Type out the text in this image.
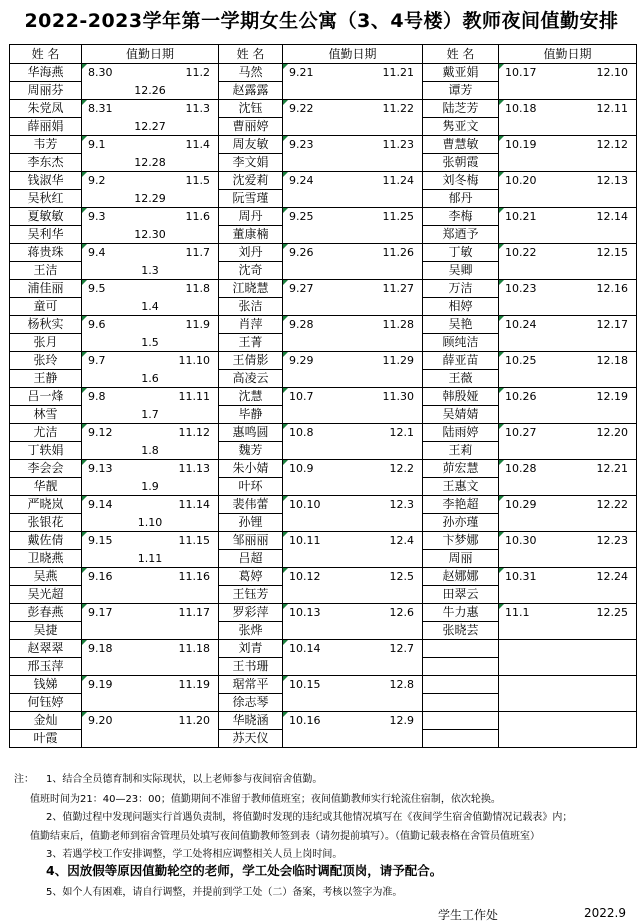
2022-2023学年第一学期女生公寓（3、4号楼）教师夜间值勤安排
姓 名	值勤日期	姓 名	值勤日期	姓 名	值勤日期
华海燕	8.30 11.2	马然	9.21 11.21	戴亚娟	10.17 12.10

周丽芬	12.26	赵露露		谭芳	
朱党凤	8.31 11.3	沈钰	9.22 11.22	陆芝芳	10.18 12.11

薛丽娟	12.27	曹丽婷		隽亚文	
韦芳	9.1 11.4	周友敏	9.23 11.23	曹慧敏	10.19 12.12

李东杰	12.28	李文娟		张朝霞	
钱淑华	9.2 11.5	沈爱莉	9.24 11.24	刘冬梅	10.20 12.13

吴秋红	12.29	阮雪瑾		郁丹	
夏敏敏	9.3 11.6	周丹	9.25 11.25	李梅	10.21 12.14

吴利华	12.30	董康楠		郑迺予	
蒋贵珠	9.4 11.7	刘丹	9.26 11.26	丁敏	10.22 12.15

王洁	1.3	沈奇		吴卿	
浦佳丽	9.5 11.8	江晓慧	9.27 11.27	万洁	10.23 12.16

童可	1.4	张洁		相婷	
杨秋实	9.6 11.9	肖萍	9.28 11.28	吴艳	10.24 12.17

张月	1.5	王菁		顾纯洁	
张玲	9.7 11.10	王倩影	9.29 11.29	薛亚苗	10.25 12.18

王静	1.6	高凌云		王薇	
吕一烽	9.8 11.11	沈慧	10.7 11.30	韩殷娅	10.26 12.19

林雪	1.7	毕静		吴婧婧	
尤洁	9.12 11.12	惠鸣圆	10.8 12.1	陆雨婷	10.27 12.20

丁轶娟	1.8	魏芳		王莉	
李会会	9.13 11.13	朱小婧	10.9 12.2	茆宏慧	10.28 12.21

华靓	1.9	叶环		王惠文	
严晓岚	9.14 11.14	裴伟蕾	10.10 12.3	李艳超	10.29 12.22

张银花	1.10	孙锂		孙亦瑾	
戴佐倩	9.15 11.15	邹丽丽	10.11 12.4	卞梦娜	10.30 12.23

卫晓燕	1.11	吕超		周丽	
吴燕	9.16 11.16	葛婷	10.12 12.5	赵娜娜	10.31 12.24

吴光超		王钰芳		田翠云	
彭春燕	9.17 11.17	罗彩萍	10.13 12.6	牛力惠	11.1 12.25

吴捷		张烨		张晓芸	
赵翠翠	9.18 11.18	刘青	10.14 12.7		

邢玉萍		王书珊			
钱娣	9.19 11.19	琚常平	10.15 12.8		

何钰婷		徐志琴			
金灿	9.20 11.20	华晓涵	10.16 12.9		

叶霞		苏天仪			
注： 1、结合全员德育制和实际现状，以上老师参与夜间宿舍值勤。
值班时间为21：40—23：00；值勤期间不准留于教师值班室；夜间值勤教师实行轮流住宿制，依次轮换。
2、值勤过程中发现问题实行首遇负责制，将值勤时发现的违纪或其他情况填写在《夜间学生宿舍值勤情况记载表》内；
值勤结束后，值勤老师到宿舍管理员处填写夜间值勤教师签到表（请勿提前填写）。（值勤记载表格在舍管员值班室）
3、若遇学校工作安排调整，学工处将相应调整相关人员上岗时间。
4、因放假等原因值勤轮空的老师，学工处会临时调配顶岗，请予配合。
5、如个人有困难，请自行调整，并提前到学工处（二）备案，考核以签字为准。
学生工作处	2022.9
